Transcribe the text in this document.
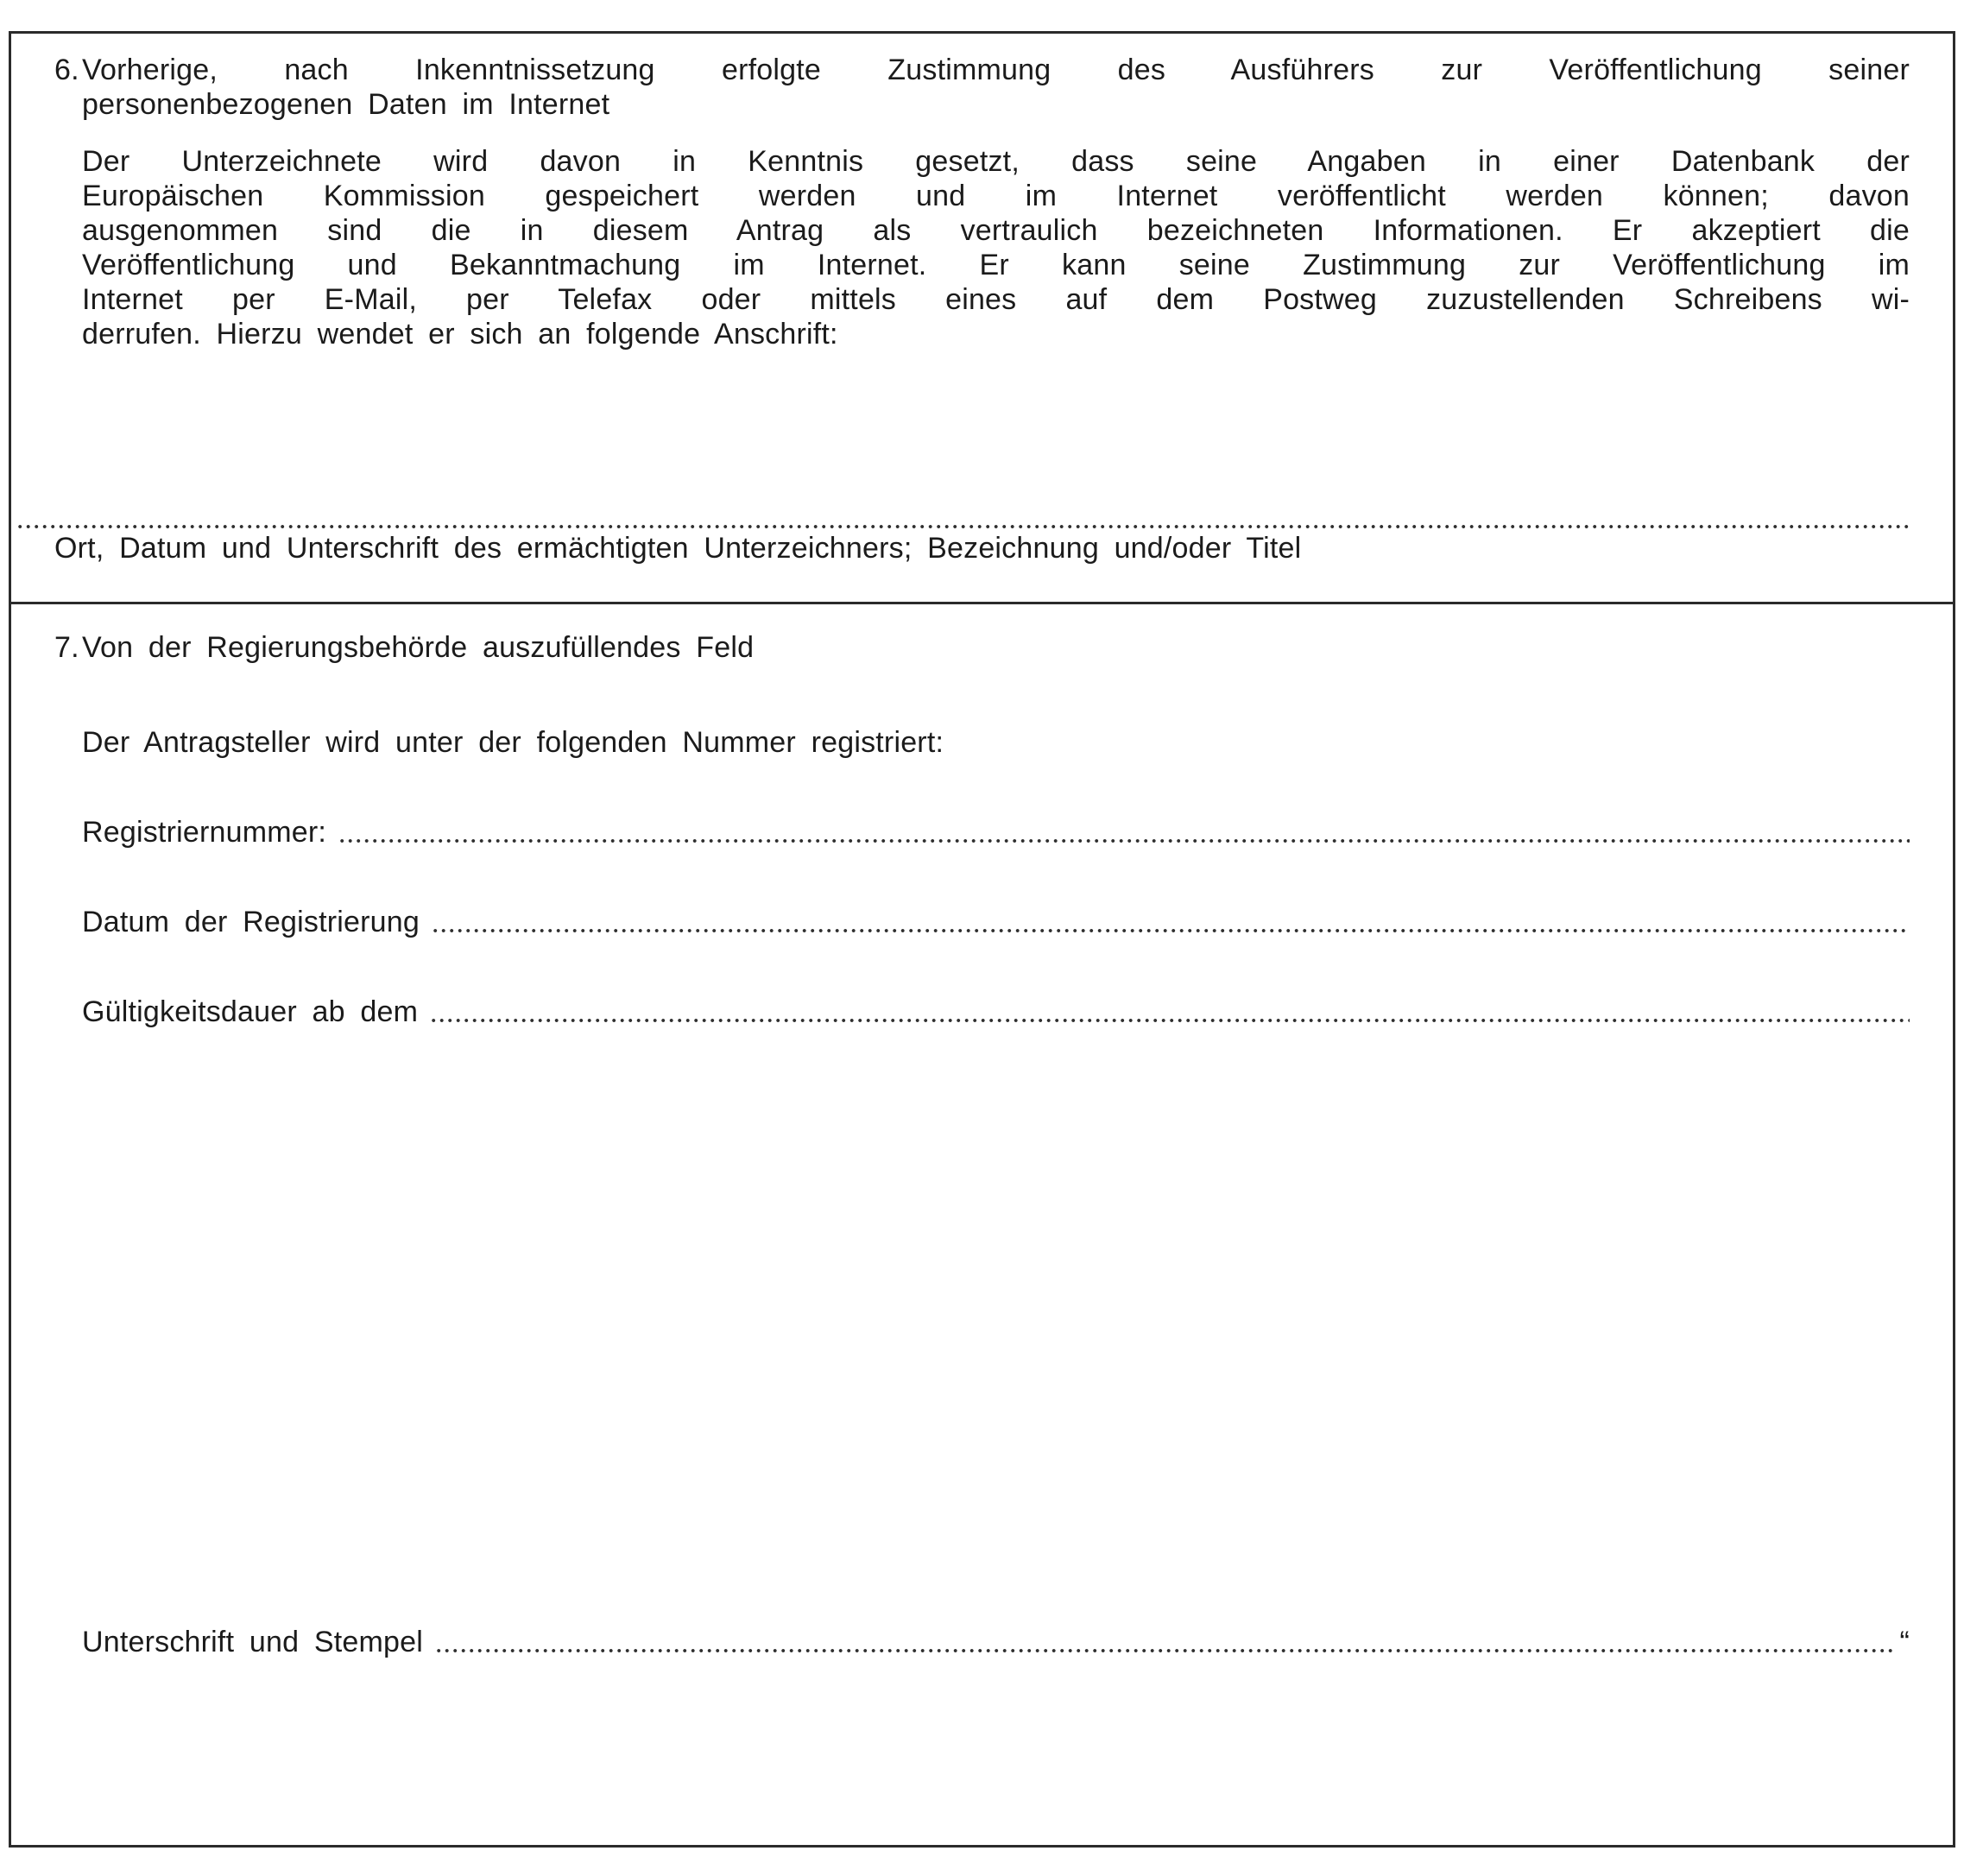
6. Vorherige, nach Inkenntnissetzung erfolgte Zustimmung des Ausführers zur Veröffentlichung seiner
personenbezogenen Daten im Internet
Der Unterzeichnete wird davon in Kenntnis gesetzt, dass seine Angaben in einer Datenbank der
Europäischen Kommission gespeichert werden und im Internet veröffentlicht werden können; davon
ausgenommen sind die in diesem Antrag als vertraulich bezeichneten Informationen. Er akzeptiert die
Veröffentlichung und Bekanntmachung im Internet. Er kann seine Zustimmung zur Veröffentlichung im
Internet per E-Mail, per Telefax oder mittels eines auf dem Postweg zuzustellenden Schreibens wi-
derrufen. Hierzu wendet er sich an folgende Anschrift:
Ort, Datum und Unterschrift des ermächtigten Unterzeichners; Bezeichnung und/oder Titel
7. Von der Regierungsbehörde auszufüllendes Feld
Der Antragsteller wird unter der folgenden Nummer registriert:
Registriernummer:
Datum der Registrierung
Gültigkeitsdauer ab dem
Unterschrift und Stempel	“
